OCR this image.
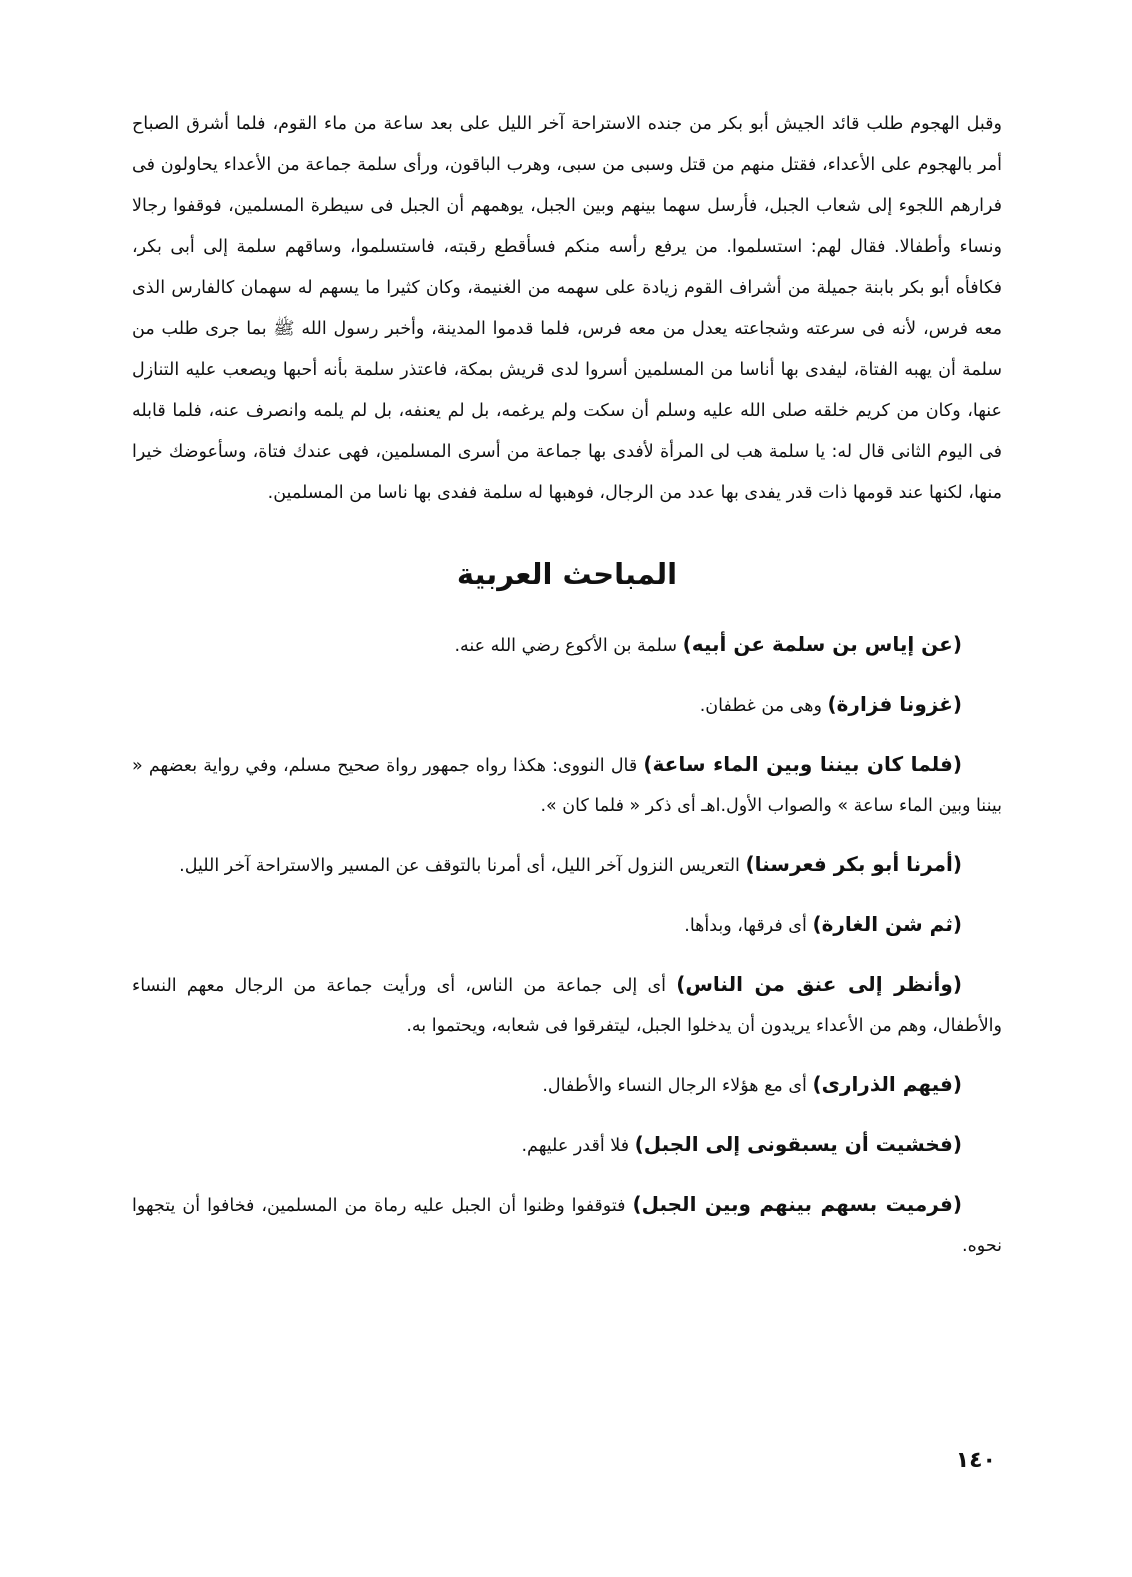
وقبل الهجوم طلب قائد الجيش أبو بكر من جنده الاستراحة آخر الليل على بعد ساعة من ماء القوم، فلما أشرق الصباح أمر بالهجوم على الأعداء، فقتل منهم من قتل وسبى من سبى، وهرب الباقون، ورأى سلمة جماعة من الأعداء يحاولون فى فرارهم اللجوء إلى شعاب الجبل، فأرسل سهما بينهم وبين الجبل، يوهمهم أن الجبل فى سيطرة المسلمين، فوقفوا رجالا ونساء وأطفالا. فقال لهم: استسلموا. من يرفع رأسه منكم فسأقطع رقبته، فاستسلموا، وساقهم سلمة إلى أبى بكر، فكافأه أبو بكر بابنة جميلة من أشراف القوم زيادة على سهمه من الغنيمة، وكان كثيرا ما يسهم له سهمان كالفارس الذى معه فرس، لأنه فى سرعته وشجاعته يعدل من معه فرس، فلما قدموا المدينة، وأخبر رسول الله ﷺ بما جرى طلب من سلمة أن يهبه الفتاة، ليفدى بها أناسا من المسلمين أسروا لدى قريش بمكة، فاعتذر سلمة بأنه أحبها ويصعب عليه التنازل عنها، وكان من كريم خلقه صلى الله عليه وسلم أن سكت ولم يرغمه، بل لم يعنفه، بل لم يلمه وانصرف عنه، فلما قابله فى اليوم الثانى قال له: يا سلمة هب لى المرأة لأفدى بها جماعة من أسرى المسلمين، فهى عندك فتاة، وسأعوضك خيرا منها، لكنها عند قومها ذات قدر يفدى بها عدد من الرجال، فوهبها له سلمة ففدى بها ناسا من المسلمين.

المباحث العربية

(عن إياس بن سلمة عن أبيه) سلمة بن الأكوع رضي الله عنه.

(غزونا فزارة) وهى من غطفان.

(فلما كان بيننا وبين الماء ساعة) قال النووى: هكذا رواه جمهور رواة صحيح مسلم، وفي رواية بعضهم « بيننا وبين الماء ساعة » والصواب الأول.اهـ أى ذكر « فلما كان ».

(أمرنا أبو بكر فعرسنا) التعريس النزول آخر الليل، أى أمرنا بالتوقف عن المسير والاستراحة آخر الليل.

(ثم شن الغارة) أى فرقها، وبدأها.

(وأنظر إلى عنق من الناس) أى إلى جماعة من الناس، أى ورأيت جماعة من الرجال معهم النساء والأطفال، وهم من الأعداء يريدون أن يدخلوا الجبل، ليتفرقوا فى شعابه، ويحتموا به.

(فيهم الذرارى) أى مع هؤلاء الرجال النساء والأطفال.

(فخشيت أن يسبقونى إلى الجبل) فلا أقدر عليهم.

(فرميت بسهم بينهم وبين الجبل) فتوقفوا وظنوا أن الجبل عليه رماة من المسلمين، فخافوا أن يتجهوا نحوه.

١٤٠
